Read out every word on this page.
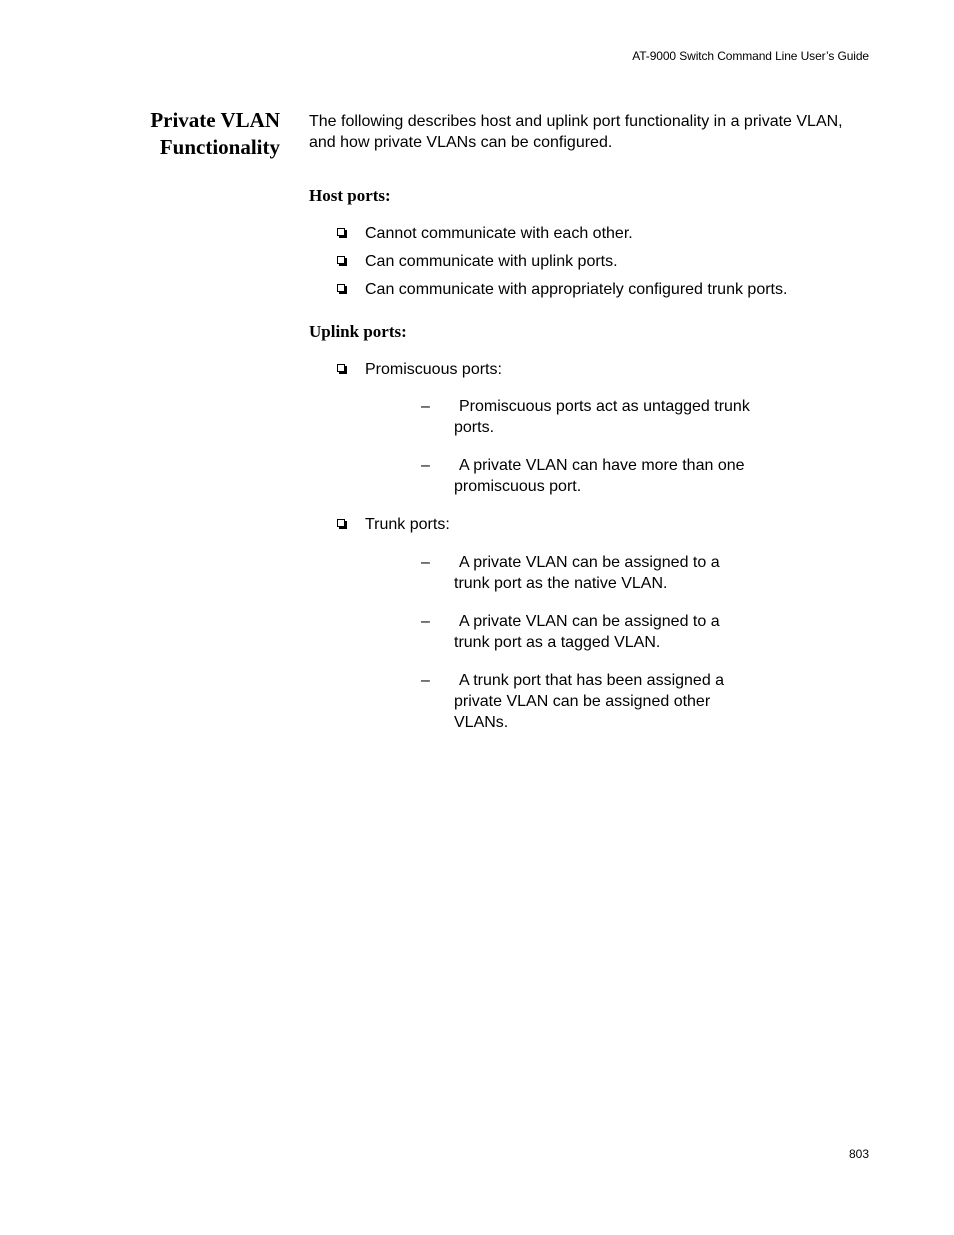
AT-9000 Switch Command Line User’s Guide
Private VLAN
Functionality

The following describes host and uplink port functionality in a private VLAN, and how private VLANs can be configured.

Host ports:
Cannot communicate with each other.
Can communicate with uplink ports.
Can communicate with appropriately configured trunk ports.
Uplink ports:
Promiscuous ports:
–	Promiscuous ports act as untagged trunk ports.
–	A private VLAN can have more than one promiscuous port.
Trunk ports:
–	A private VLAN can be assigned to a trunk port as the native VLAN.
–	A private VLAN can be assigned to a trunk port as a tagged VLAN.
–	A trunk port that has been assigned a private VLAN can be assigned other VLANs.
803
